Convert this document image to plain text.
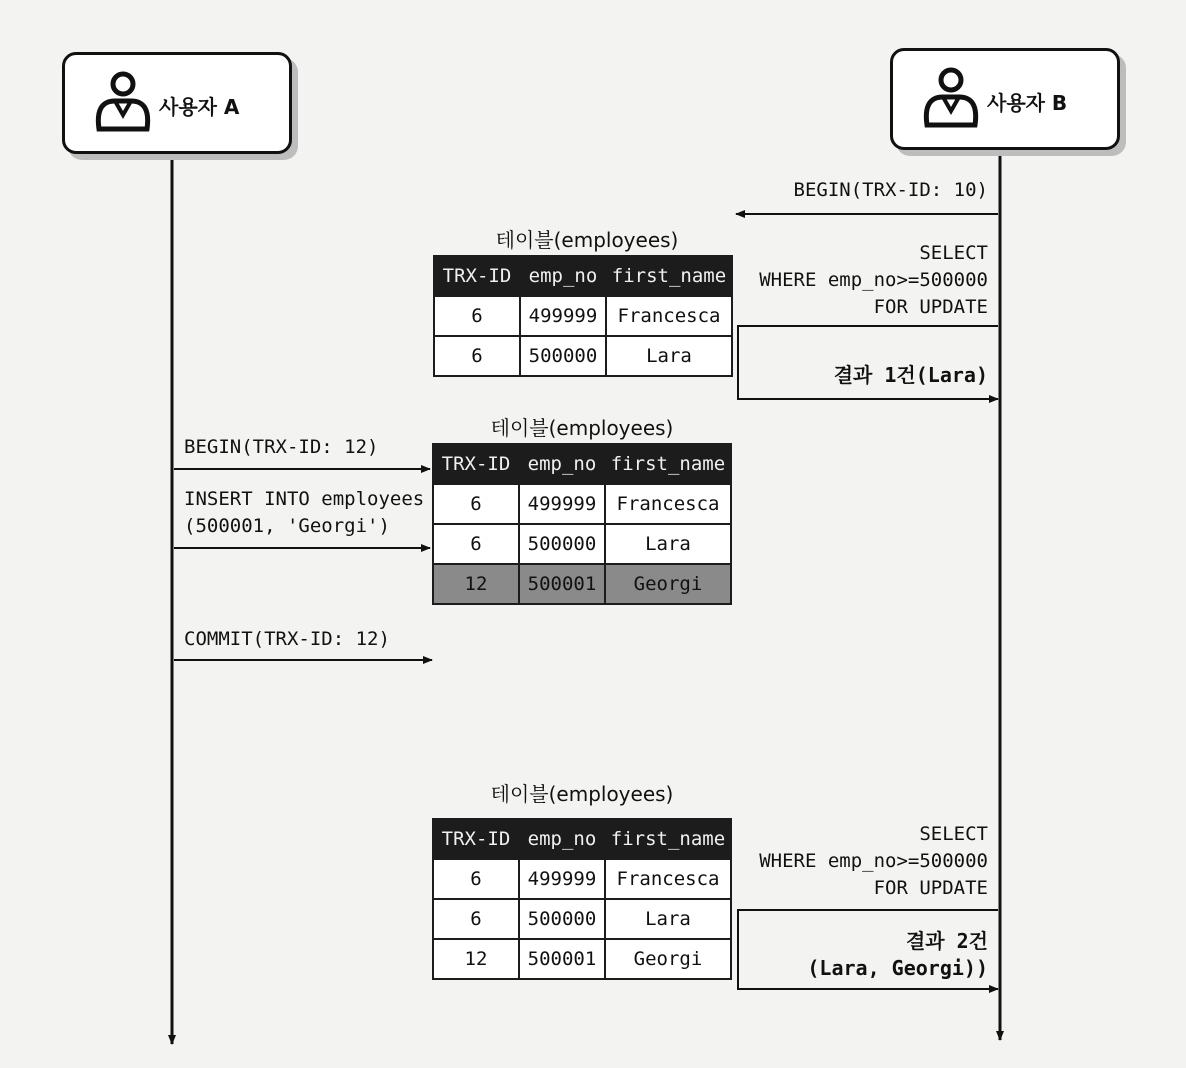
사용자 A	사용자 B
BEGIN(TRX-ID: 10)
SELECT
WHERE emp_no>=500000
FOR UPDATE
결과 1건(Lara)
SELECT
WHERE emp_no>=500000
FOR UPDATE
결과 2건
(Lara, Georgi))
BEGIN(TRX-ID: 12)
INSERT INTO employees
(500001, 'Georgi')
COMMIT(TRX-ID: 12)
테이블(employees)
TRX-ID	emp_no	first_name
6	499999	Francesca
6	500000	Lara
테이블(employees)
TRX-ID	emp_no	first_name
6	499999	Francesca
6	500000	Lara
12	500001	Georgi
테이블(employees)
TRX-ID	emp_no	first_name
6	499999	Francesca
6	500000	Lara
12	500001	Georgi
